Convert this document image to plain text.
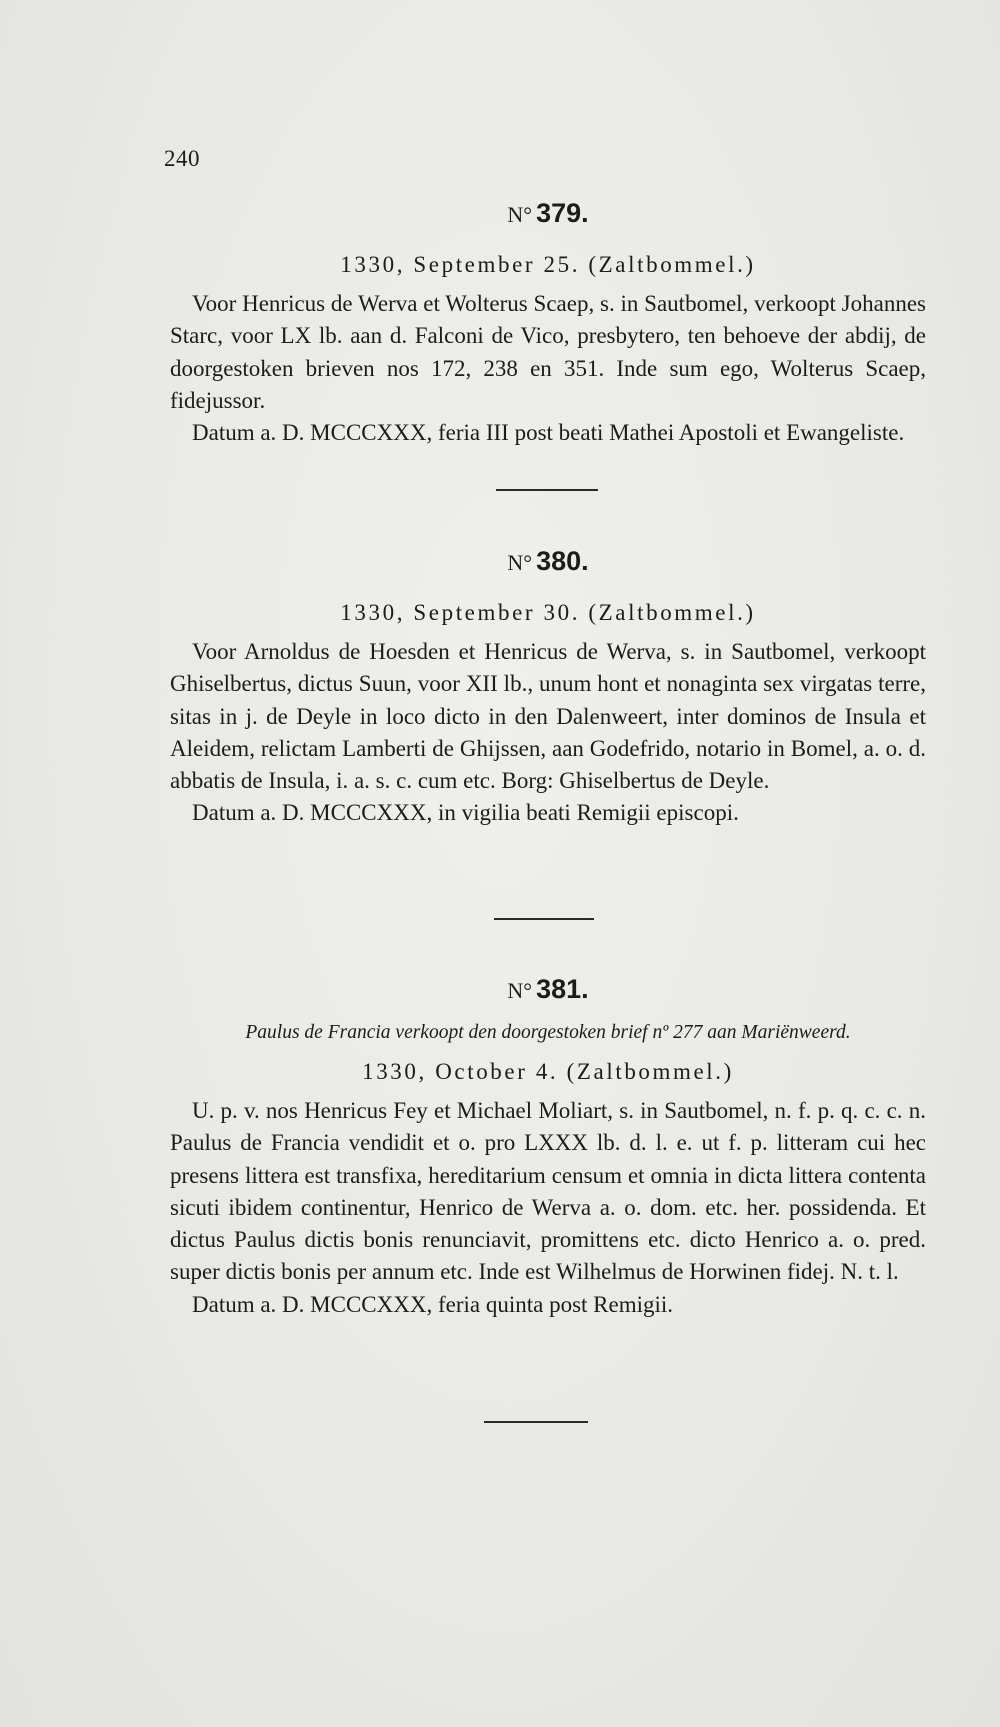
240
N° 379.

1330, September 25. (Zaltbommel.)

Voor Henricus de Werva et Wolterus Scaep, s. in Sautbomel, verkoopt Johannes Starc, voor LX lb. aan d. Falconi de Vico, presbytero, ten behoeve der abdij, de doorgestoken brieven nos 172, 238 en 351. Inde sum ego, Wolterus Scaep, fidejussor.

Datum a. D. MCCCXXX, feria III post beati Mathei Apostoli et Ewangeliste.

N° 380.

1330, September 30. (Zaltbommel.)

Voor Arnoldus de Hoesden et Henricus de Werva, s. in Sautbomel, verkoopt Ghiselbertus, dictus Suun, voor XII lb., unum hont et nonaginta sex virgatas terre, sitas in j. de Deyle in loco dicto in den Dalenweert, inter dominos de Insula et Aleidem, relictam Lamberti de Ghijssen, aan Godefrido, notario in Bomel, a. o. d. abbatis de Insula, i. a. s. c. cum etc. Borg: Ghiselbertus de Deyle.

Datum a. D. MCCCXXX, in vigilia beati Remigii episcopi.

N° 381.

Paulus de Francia verkoopt den doorgestoken brief nº 277 aan Mariënweerd.

1330, October 4. (Zaltbommel.)

U. p. v. nos Henricus Fey et Michael Moliart, s. in Sautbomel, n. f. p. q. c. c. n. Paulus de Francia vendidit et o. pro LXXX lb. d. l. e. ut f. p. litteram cui hec presens littera est transfixa, hereditarium censum et omnia in dicta littera contenta sicuti ibidem continentur, Henrico de Werva a. o. dom. etc. her. possidenda. Et dictus Paulus dictis bonis renunciavit, promittens etc. dicto Henrico a. o. pred. super dictis bonis per annum etc. Inde est Wilhelmus de Horwinen fidej. N. t. l.

Datum a. D. MCCCXXX, feria quinta post Remigii.
